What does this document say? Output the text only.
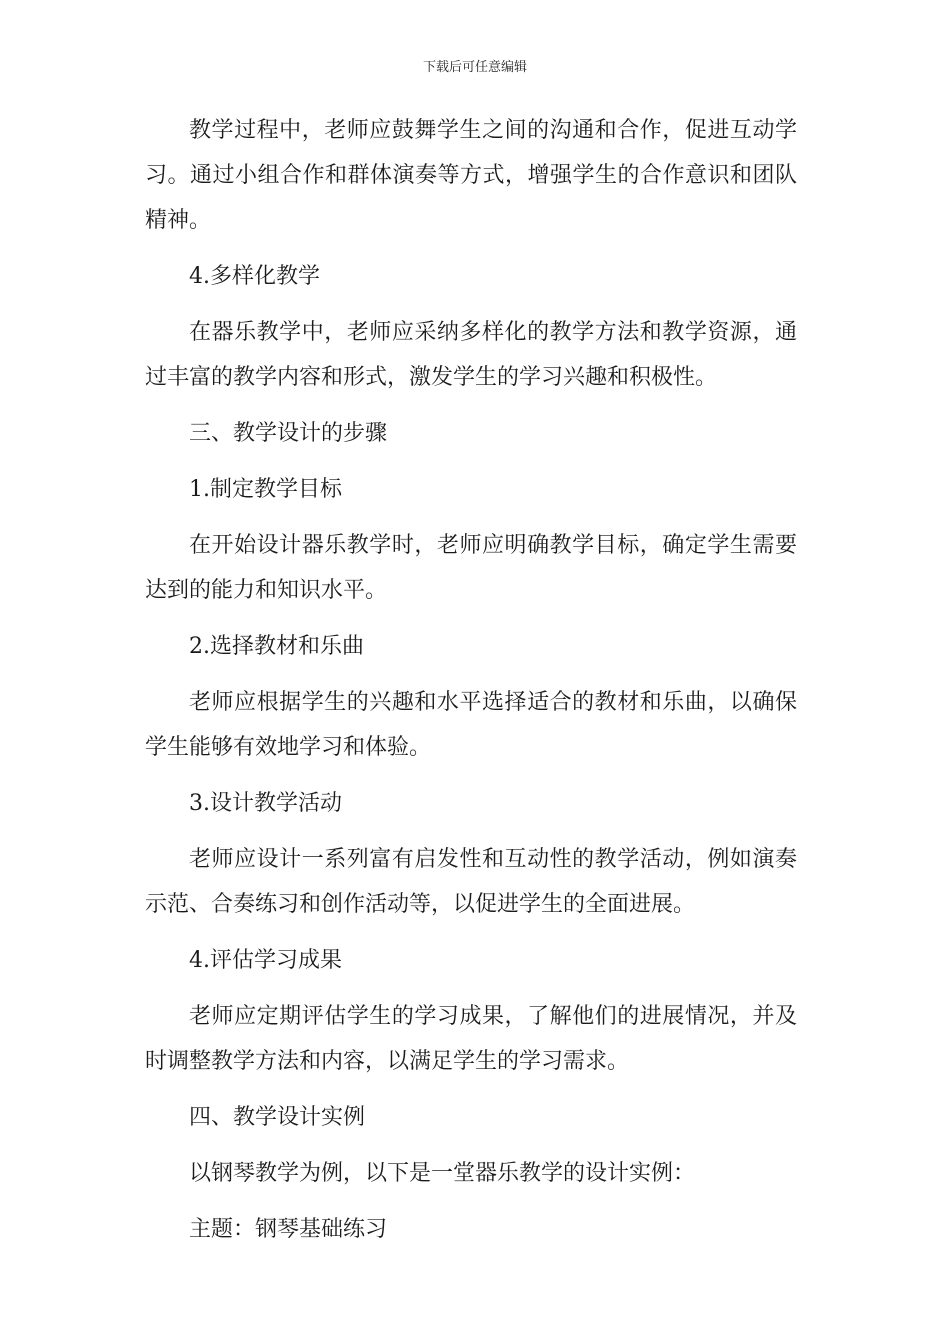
下载后可任意编辑

教学过程中，老师应鼓舞学生之间的沟通和合作，促进互动学习。通过小组合作和群体演奏等方式，增强学生的合作意识和团队精神。

4.多样化教学

在器乐教学中，老师应采纳多样化的教学方法和教学资源，通过丰富的教学内容和形式，激发学生的学习兴趣和积极性。

三、教学设计的步骤

1.制定教学目标

在开始设计器乐教学时，老师应明确教学目标，确定学生需要达到的能力和知识水平。

2.选择教材和乐曲

老师应根据学生的兴趣和水平选择适合的教材和乐曲，以确保学生能够有效地学习和体验。

3.设计教学活动

老师应设计一系列富有启发性和互动性的教学活动，例如演奏示范、合奏练习和创作活动等，以促进学生的全面进展。

4.评估学习成果

老师应定期评估学生的学习成果，了解他们的进展情况，并及时调整教学方法和内容，以满足学生的学习需求。

四、教学设计实例

以钢琴教学为例，以下是一堂器乐教学的设计实例：

主题：钢琴基础练习
